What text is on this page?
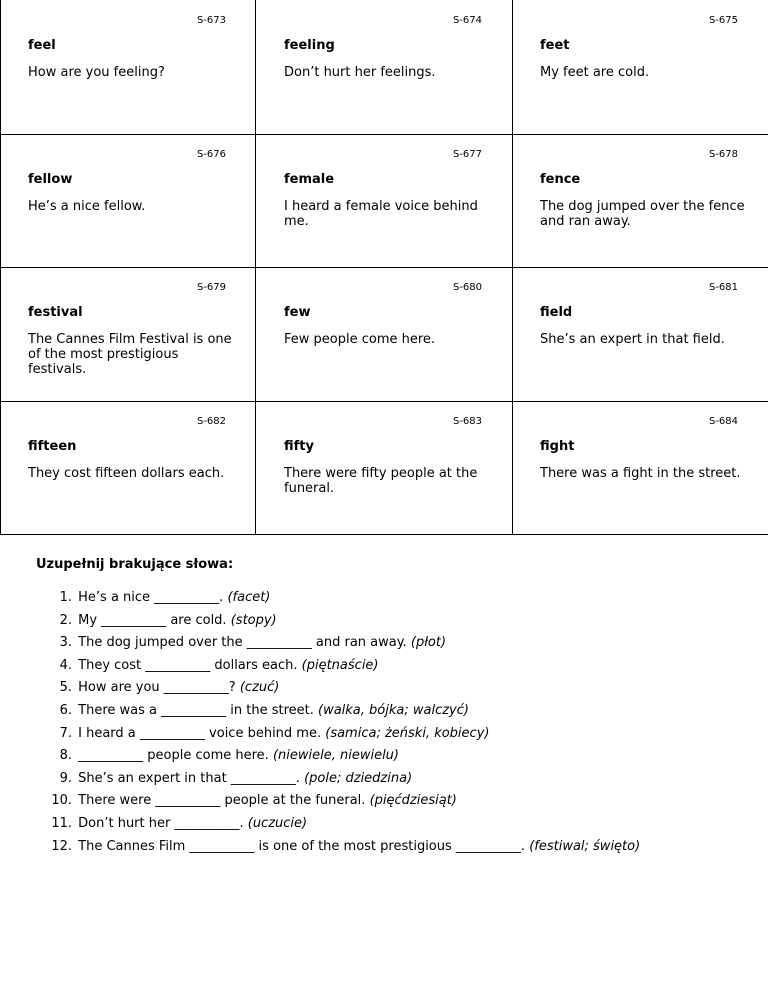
S-673
feel
How are you feeling?
S-674
feeling
Don’t hurt her feelings.
S-675
feet
My feet are cold.
S-676
fellow
He’s a nice fellow.
S-677
female
I heard a female voice behind me.
S-678
fence
The dog jumped over the fence and ran away.
S-679
festival
The Cannes Film Festival is one of the most prestigious festivals.
S-680
few
Few people come here.
S-681
field
She’s an expert in that field.
S-682
fifteen
They cost fifteen dollars each.
S-683
fifty
There were fifty people at the funeral.
S-684
fight
There was a fight in the street.
Uzupełnij brakujące słowa:
1. He’s a nice __________. (facet)
2. My __________ are cold. (stopy)
3. The dog jumped over the __________ and ran away. (płot)
4. They cost __________ dollars each. (piętnaście)
5. How are you __________? (czuć)
6. There was a __________ in the street. (walka, bójka; walczyć)
7. I heard a __________ voice behind me. (samica; żeński, kobiecy)
8. __________ people come here. (niewiele, niewielu)
9. She’s an expert in that __________. (pole; dziedzina)
10. There were __________ people at the funeral. (pięćdziesiąt)
11. Don’t hurt her __________. (uczucie)
12. The Cannes Film __________ is one of the most prestigious __________. (festiwal; święto)
